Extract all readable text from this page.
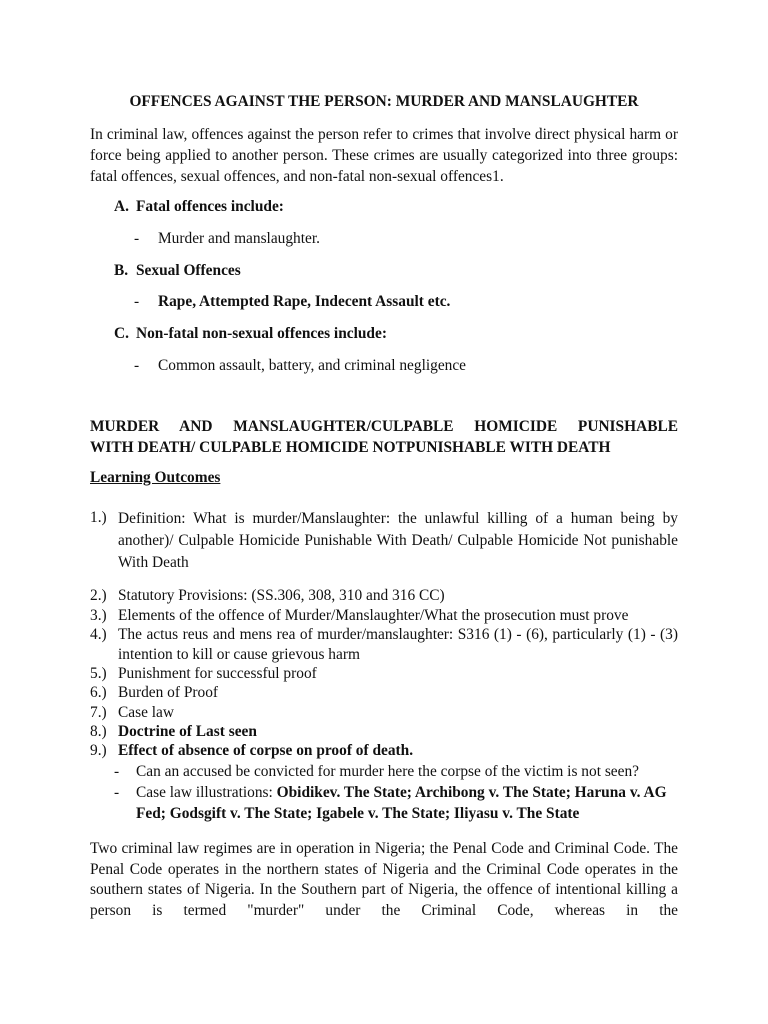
OFFENCES AGAINST THE PERSON: MURDER AND MANSLAUGHTER
In criminal law, offences against the person refer to crimes that involve direct physical harm or force being applied to another person. These crimes are usually categorized into three groups: fatal offences, sexual offences, and non-fatal non-sexual offences1.
A. Fatal offences include:
- Murder and manslaughter.
B. Sexual Offences
- Rape, Attempted Rape, Indecent Assault etc.
C. Non-fatal non-sexual offences include:
- Common assault, battery, and criminal negligence
MURDER AND MANSLAUGHTER/CULPABLE HOMICIDE PUNISHABLE
WITH DEATH/ CULPABLE HOMICIDE NOTPUNISHABLE WITH DEATH
Learning Outcomes
1.) Definition: What is murder/Manslaughter: the unlawful killing of a human being by another)/ Culpable Homicide Punishable With Death/ Culpable Homicide Not punishable With Death
2.) Statutory Provisions: (SS.306, 308, 310 and 316 CC)
3.) Elements of the offence of Murder/Manslaughter/What the prosecution must prove
4.) The actus reus and mens rea of murder/manslaughter: S316 (1) - (6), particularly (1) - (3) intention to kill or cause grievous harm
5.) Punishment for successful proof
6.) Burden of Proof
7.) Case law
8.) Doctrine of Last seen
9.) Effect of absence of corpse on proof of death.
-	Can an accused be convicted for murder here the corpse of the victim is not seen?
-	Case law illustrations: Obidikev. The State; Archibong v. The State; Haruna v. AG Fed; Godsgift v. The State; Igabele v. The State; Iliyasu v. The State
Two criminal law regimes are in operation in Nigeria; the Penal Code and Criminal Code. The Penal Code operates in the northern states of Nigeria and the Criminal Code operates in the southern states of Nigeria. In the Southern part of Nigeria, the offence of intentional killing a person is termed "murder" under the Criminal Code, whereas in the
